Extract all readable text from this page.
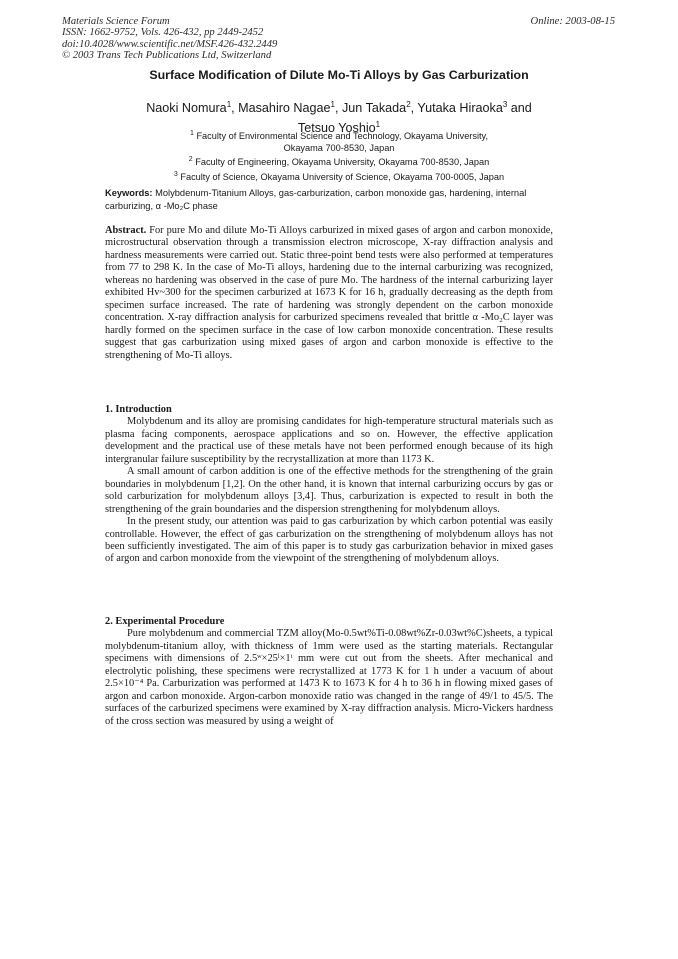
Materials Science Forum
ISSN: 1662-9752, Vols. 426-432, pp 2449-2452
doi:10.4028/www.scientific.net/MSF.426-432.2449
© 2003 Trans Tech Publications Ltd, Switzerland
Online: 2003-08-15
Surface Modification of Dilute Mo-Ti Alloys by Gas Carburization
Naoki Nomura$^1$, Masahiro Nagae$^1$, Jun Takada$^2$, Yutaka Hiraoka$^3$ and
Tetsuo Yoshio$^1$
$^1$ Faculty of Environmental Science and Technology, Okayama University,
Okayama 700-8530, Japan
$^2$ Faculty of Engineering, Okayama University, Okayama 700-8530, Japan
$^3$ Faculty of Science, Okayama University of Science, Okayama 700-0005, Japan
Keywords: Molybdenum-Titanium Alloys, gas-carburization, carbon monoxide gas, hardening, internal carburizing, α -Mo₂C phase
Abstract. For pure Mo and dilute Mo-Ti Alloys carburized in mixed gases of argon and carbon monoxide, microstructural observation through a transmission electron microscope, X-ray diffraction analysis and hardness measurements were carried out. Static three-point bend tests were also performed at temperatures from 77 to 298 K. In the case of Mo-Ti alloys, hardening due to the internal carburizing was recognized, whereas no hardening was observed in the case of pure Mo. The hardness of the internal carburizing layer exhibited Hv~300 for the specimen carburized at 1673 K for 16 h, gradually decreasing as the depth from specimen surface increased. The rate of hardening was strongly dependent on the carbon monoxide concentration. X-ray diffraction analysis for carburized specimens revealed that brittle α -Mo₂C layer was hardly formed on the specimen surface in the case of low carbon monoxide concentration. These results suggest that gas carburization using mixed gases of argon and carbon monoxide is effective to the strengthening of Mo-Ti alloys.
1. Introduction

Molybdenum and its alloy are promising candidates for high-temperature structural materials such as plasma facing components, aerospace applications and so on. However, the effective application development and the practical use of these metals have not been performed enough because of its high intergranular failure susceptibility by the recrystallization at more than 1173 K.

A small amount of carbon addition is one of the effective methods for the strengthening of the grain boundaries in molybdenum [1,2]. On the other hand, it is known that internal carburizing occurs by gas or sold carburization for molybdenum alloys [3,4]. Thus, carburization is expected to result in both the strengthening of the grain boundaries and the dispersion strengthening for molybdenum alloys.

In the present study, our attention was paid to gas carburization by which carbon potential was easily controllable. However, the effect of gas carburization on the strengthening of molybdenum alloys has not been sufficiently investigated. The aim of this paper is to study gas carburization behavior in mixed gases of argon and carbon monoxide from the viewpoint of the strengthening of molybdenum alloys.

2. Experimental Procedure

Pure molybdenum and commercial TZM alloy(Mo-0.5wt%Ti-0.08wt%Zr-0.03wt%C)sheets, a typical molybdenum-titanium alloy, with thickness of 1mm were used as the starting materials. Rectangular specimens with dimensions of 2.5ʷ×25ˡ×1ᵗ mm were cut out from the sheets. After mechanical and electrolytic polishing, these specimens were recrystallized at 1773 K for 1 h under a vacuum of about 2.5×10⁻⁴ Pa. Carburization was performed at 1473 K to 1673 K for 4 h to 36 h in flowing mixed gases of argon and carbon monoxide. Argon-carbon monoxide ratio was changed in the range of 49/1 to 45/5. The surfaces of the carburized specimens were examined by X-ray diffraction analysis. Micro-Vickers hardness of the cross section was measured by using a weight of
